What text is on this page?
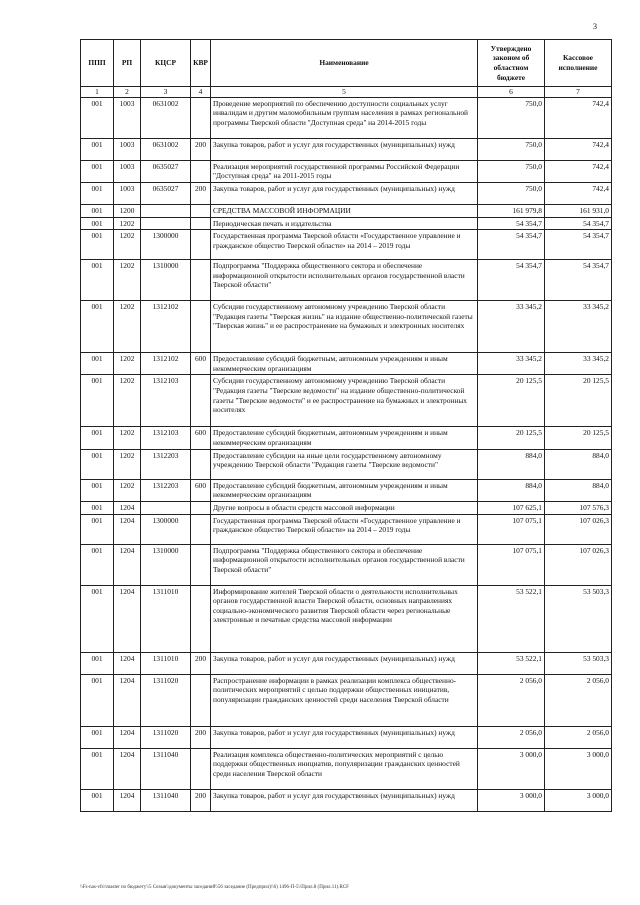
3
ППП	РП	КЦСР	КВР	Наименование	Утверждено законом об областном бюджете	Кассовое исполнение
1	2	3	4	5	6	7
001	1003	0631002		Проведение мероприятий по обеспечению доступности социальных услуг инвалидам и другим маломобильным группам населения в рамках региональной программы Тверской области "Доступная среда" на 2014-2015 годы	750,0	742,4
001	1003	0631002	200	Закупка товаров, работ и услуг для государственных (муниципальных) нужд	750,0	742,4
001	1003	0635027		Реализация мероприятий государственной программы Российской Федерации "Доступная среда" на 2011-2015 годы	750,0	742,4
001	1003	0635027	200	Закупка товаров, работ и услуг для государственных (муниципальных) нужд	750,0	742,4
001	1200			СРЕДСТВА МАССОВОЙ ИНФОРМАЦИИ	161 979,8	161 931,0
001	1202			Периодическая печать и издательства	54 354,7	54 354,7
001	1202	1300000		Государственная программа Тверской области «Государственное управление и гражданское общество Тверской области» на 2014 – 2019 годы	54 354,7	54 354,7
001	1202	1310000		Подпрограмма "Поддержка общественного сектора и обеспечение информационной открытости исполнительных органов государственной власти Тверской области"	54 354,7	54 354,7
001	1202	1312102		Субсидии государственному автономному учреждению Тверской области "Редакция газеты "Тверская жизнь" на издание общественно-политической газеты "Тверская жизнь" и ее распространение на бумажных и электронных носителях	33 345,2	33 345,2
001	1202	1312102	600	Предоставление субсидий бюджетным, автономным учреждениям и иным некоммерческим организациям	33 345,2	33 345,2
001	1202	1312103		Субсидии государственному автономному учреждению Тверской области "Редакция газеты "Тверские ведомости" на издание общественно-политической газеты "Тверские ведомости" и ее распространение на бумажных и электронных носителях	20 125,5	20 125,5
001	1202	1312103	600	Предоставление субсидий бюджетным, автономным учреждениям и иным некоммерческим организациям	20 125,5	20 125,5
001	1202	1312203		Предоставление субсидии на иные цели государственному автономному учреждению Тверской области "Редакция газеты "Тверские ведомости"	884,0	884,0
001	1202	1312203	600	Предоставление субсидий бюджетным, автономным учреждениям и иным некоммерческим организациям	884,0	884,0
001	1204			Другие вопросы в области средств массовой информации	107 625,1	107 576,3
001	1204	1300000		Государственная программа Тверской области «Государственное управление и гражданское общество Тверской области» на 2014 – 2019 годы	107 075,1	107 026,3
001	1204	1310000		Подпрограмма "Поддержка общественного сектора и обеспечение информационной открытости исполнительных органов государственной власти Тверской области"	107 075,1	107 026,3
001	1204	1311010		Информирование жителей Тверской области о деятельности исполнительных органов государственной власти Тверской области, основных направлениях социально-экономического развития Тверской области через региональные электронные и печатные средства массовой информации	53 522,1	53 503,3
001	1204	1311010	200	Закупка товаров, работ и услуг для государственных (муниципальных) нужд	53 522,1	53 503,3
001	1204	1311020		Распространение информации в рамках реализации комплекса общественно-политических мероприятий с целью поддержки общественных инициатив, популяризации гражданских ценностей среди населения Тверской области	2 056,0	2 056,0
001	1204	1311020	200	Закупка товаров, работ и услуг для государственных (муниципальных) нужд	2 056,0	2 056,0
001	1204	1311040		Реализация комплекса общественно-политических мероприятий с целью поддержки общественных инициатив, популяризации гражданских ценностей среди населения Тверской области	3 000,0	3 000,0
001	1204	1311040	200	Закупка товаров, работ и услуг для государственных (муниципальных) нужд	3 000,0	3 000,0
\\Fs-nas-vfs\\master по бюджету\\5 Созыв\\документы заседаний\\56 заседание (Предприл)\\6) 1496-П-5\\Прил.8 (Прил.11).RCF
